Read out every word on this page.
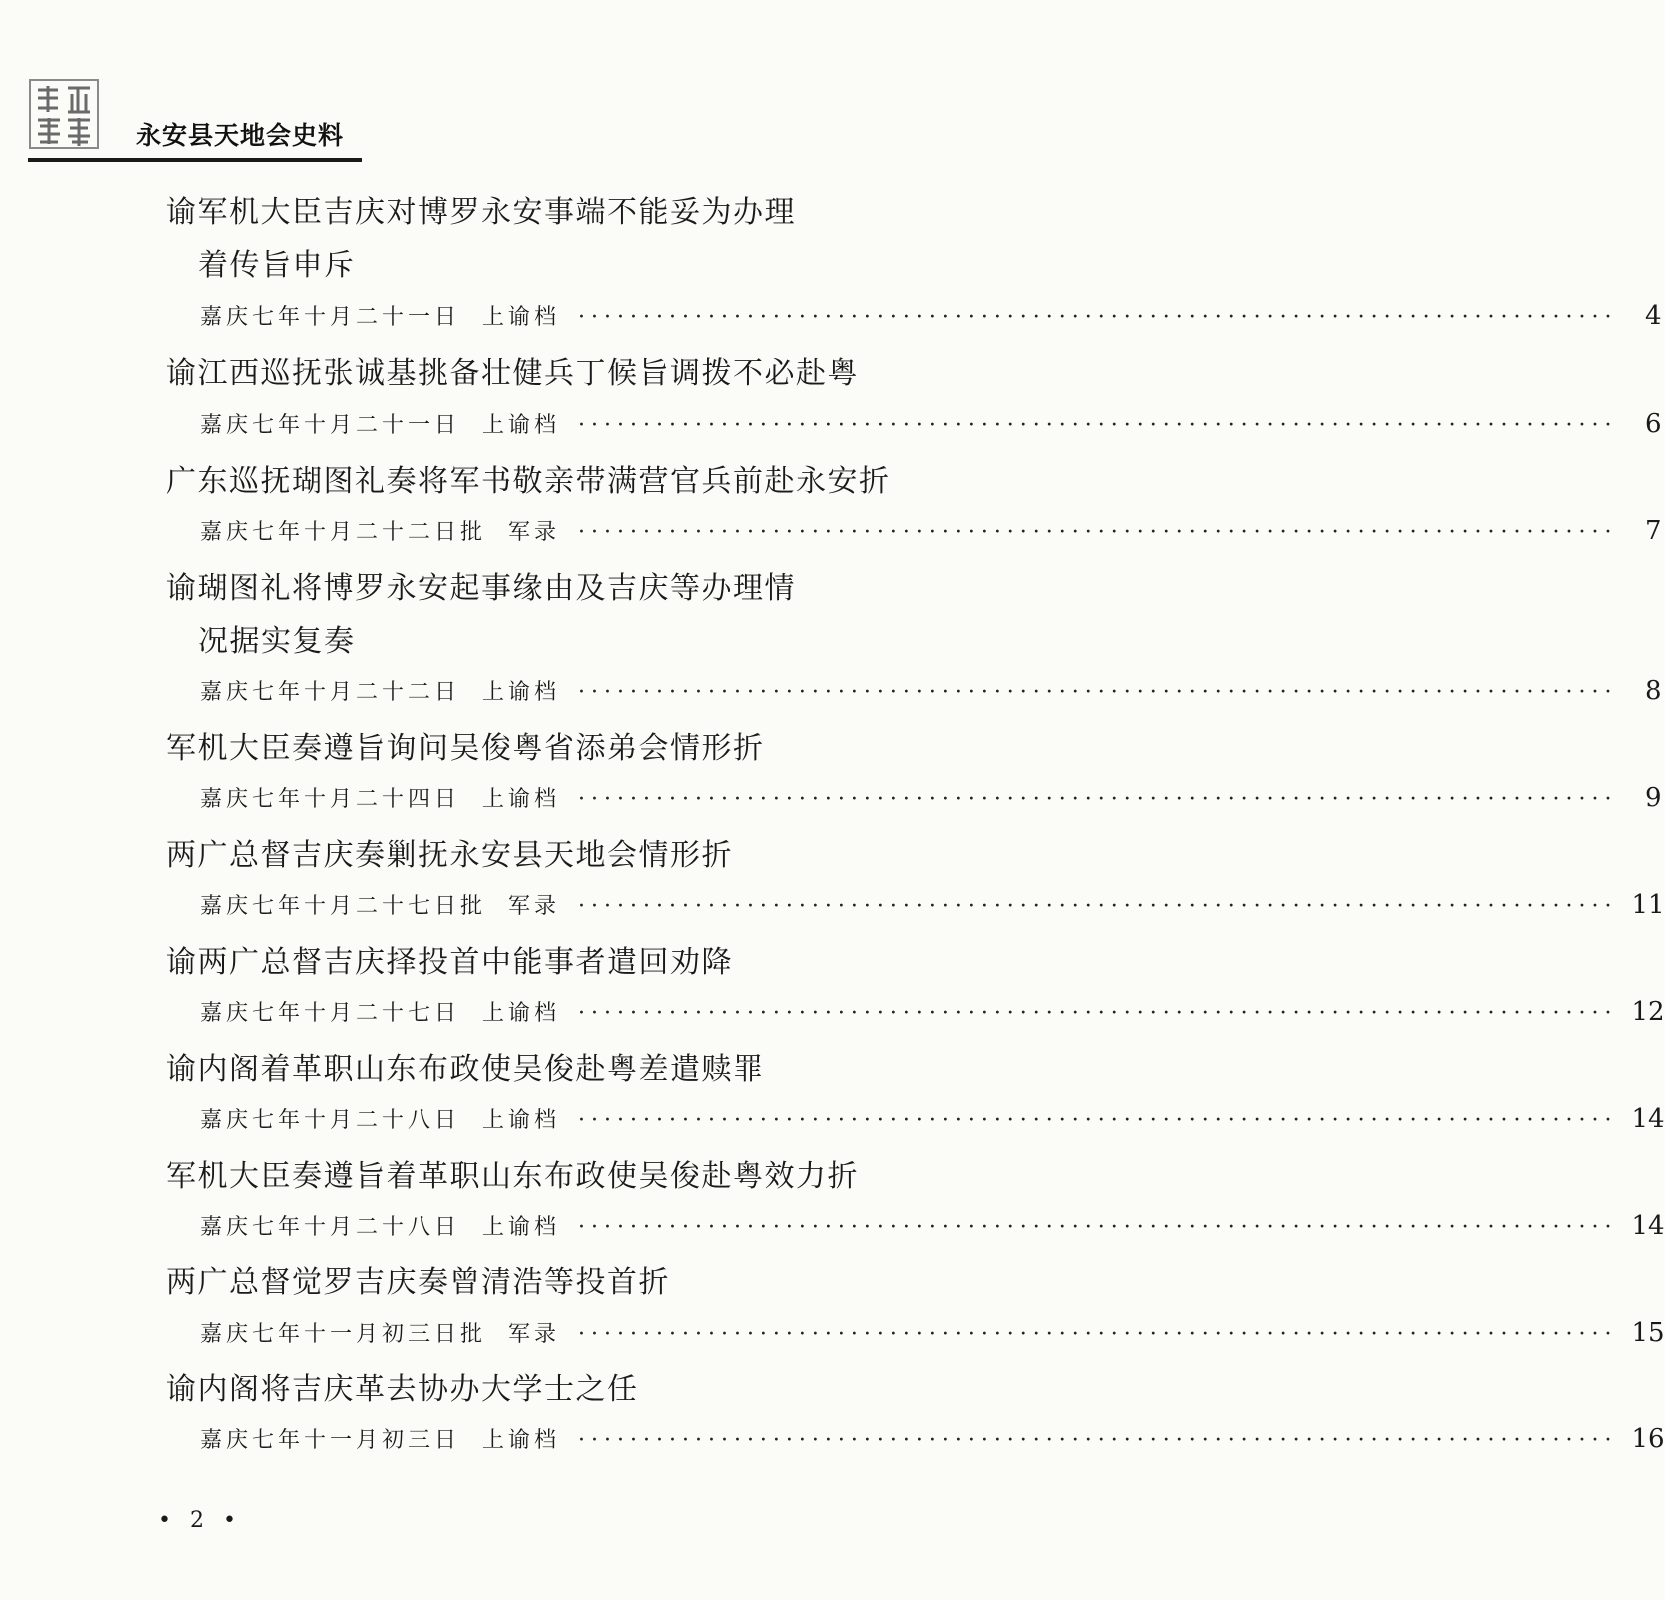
永安县天地会史料
谕军机大臣吉庆对博罗永安事端不能妥为办理
着传旨申斥
嘉庆七年十月二十一日 上谕档 ················································································	4
谕江西巡抚张诚基挑备壮健兵丁候旨调拨不必赴粤
嘉庆七年十月二十一日 上谕档 ················································································	6
广东巡抚瑚图礼奏将军书敬亲带满营官兵前赴永安折
嘉庆七年十月二十二日批 军录 ················································································	7
谕瑚图礼将博罗永安起事缘由及吉庆等办理情
况据实复奏
嘉庆七年十月二十二日 上谕档 ················································································	8
军机大臣奏遵旨询问吴俊粤省添弟会情形折
嘉庆七年十月二十四日 上谕档 ················································································	9
两广总督吉庆奏剿抚永安县天地会情形折
嘉庆七年十月二十七日批 军录 ················································································ 11
谕两广总督吉庆择投首中能事者遣回劝降
嘉庆七年十月二十七日 上谕档 ················································································ 12
谕内阁着革职山东布政使吴俊赴粤差遣赎罪
嘉庆七年十月二十八日 上谕档 ················································································ 14
军机大臣奏遵旨着革职山东布政使吴俊赴粤效力折
嘉庆七年十月二十八日 上谕档 ················································································ 14
两广总督觉罗吉庆奏曾清浩等投首折
嘉庆七年十一月初三日批 军录 ················································································ 15
谕内阁将吉庆革去协办大学士之任
嘉庆七年十一月初三日 上谕档 ················································································ 16
• 2 •
